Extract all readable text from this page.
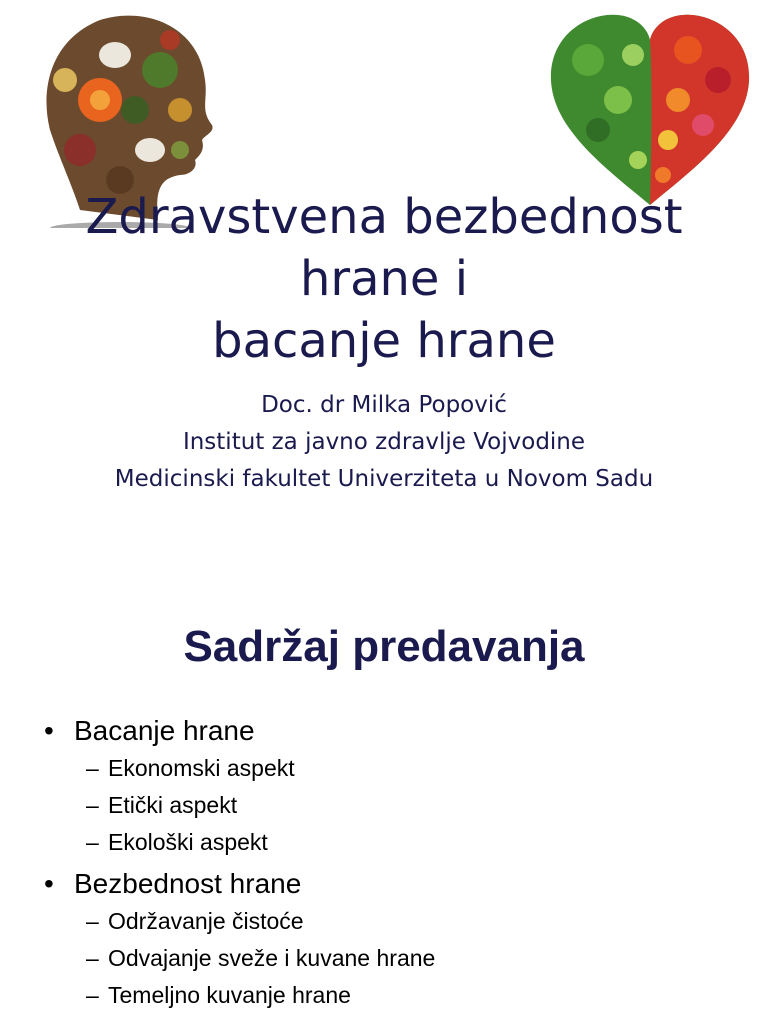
Zdravstvena bezbednost
hrane i
bacanje hrane

Doc. dr Milka Popović

Institut za javno zdravlje Vojvodine

Medicinski fakultet Univerziteta u Novom Sadu

Sadržaj predavanja
• Bacanje hrane
– Ekonomski aspekt
– Etički aspekt
– Ekološki aspekt
• Bezbednost hrane
– Održavanje čistoće
– Odvajanje sveže i kuvane hrane
– Temeljno kuvanje hrane
